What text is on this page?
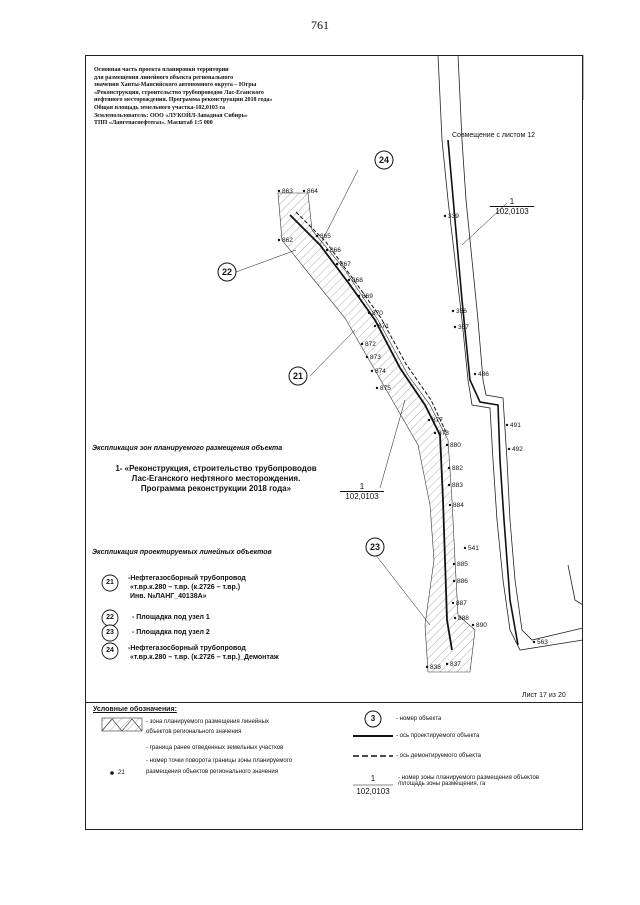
761
863 864
862
865
866
867
868
869
870
871
872
873
874
875
877
878
880
882
883
884
885
886
887
888
890
837
838
339
356
357
486
491
492
541
563
Основная часть проекта планировки территории
для размещения линейного объекта регионального
значения Ханты-Мансийского автономного округа – Югры
«Реконструкция, строительство трубопроводов Лас-Еганского
нефтяного месторождения. Программа реконструкции 2018 года»
Общая площадь земельного участка-102,0103 га
Землепользователь: ООО «ЛУКОЙЛ-Западная Сибирь»
ТПП «Лангепаснефтегаз». Масштаб 1:5 000
Совмещение с листом 12
1
102,0103
1
102,0103
24
22
21
23
Экспликация зон планируемого размещения объекта
1- «Реконструкция, строительство трубопроводов
Лас-Еганского нефтяного месторождения.
Программа реконструкции 2018 года»
Экспликация проектируемых линейных объектов
21
-Нефтегазосборный трубопровод
«т.вр.к.280 – т.вр. (к.2726 – т.вр.)
Инв. №ЛАНГ_40138А»
22	- Площадка под узел 1
23	- Площадка под узел 2
24	-Нефтегазосборный трубопровод
«т.вр.к.280 – т.вр. (к.2726 – т.вр.)_Демонтаж
Лист 17 из 20
Условные обозначения:
- зона планируемого размещения линейных
объектов регионального значения
- граница ранее отведенных земельных участков
- номер точки поворота границы зоны планируемого
размещения объектов регионального значения
21
3	- номер объекта
- ось проектируемого объекта
- ось демонтируемого объекта
1
102,0103
- номер зоны планируемого размещения объектов
/площадь зоны размещения, га
